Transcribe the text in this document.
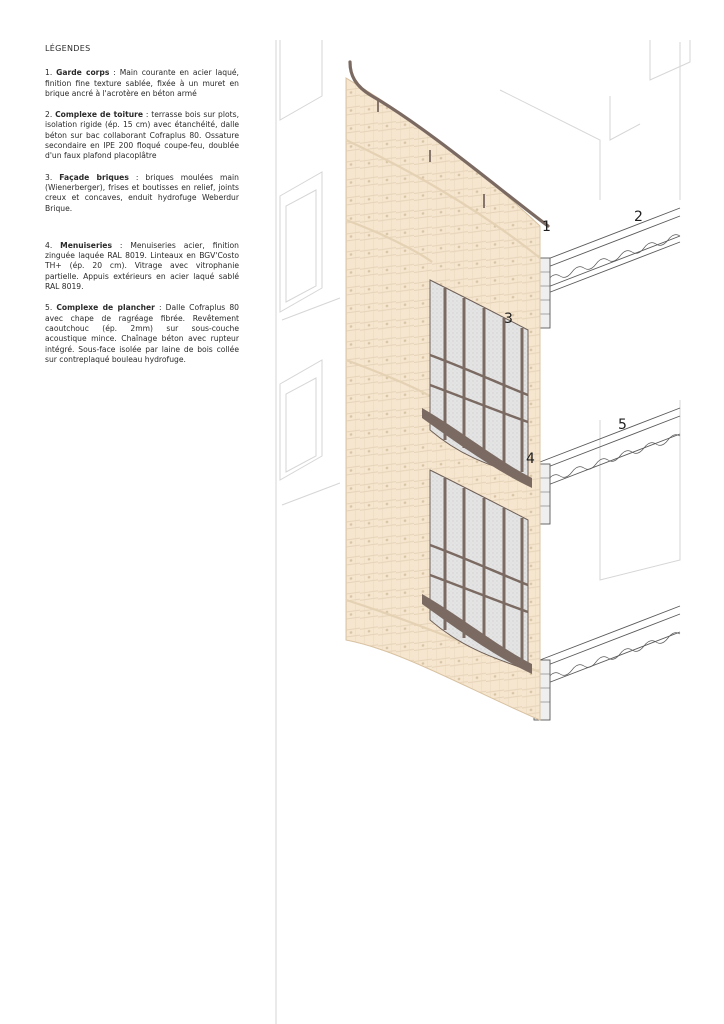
LÉGENDES
1. Garde corps : Main courante en acier laqué, finition fine texture sablée, fixée à un muret en brique ancré à l'acrotère en béton armé
2. Complexe de toiture : terrasse bois sur plots, isolation rigide (ép. 15 cm) avec étanchéité, dalle béton sur bac collaborant Cofraplus 80. Ossature secondaire en IPE 200 floqué coupe-feu, doublée d'un faux plafond placoplâtre
3. Façade briques : briques moulées main (Wienerberger), frises et boutisses en relief, joints creux et concaves, enduit hydrofuge Weberdur Brique.
4. Menuiseries : Menuiseries acier, finition zinguée laquée RAL 8019. Linteaux en BGV'Costo TH+ (ép. 20 cm). Vitrage avec vitrophanie partielle. Appuis extérieurs en acier laqué sablé RAL 8019.
5. Complexe de plancher : Dalle Cofraplus 80 avec chape de ragréage fibrée. Revêtement caoutchouc (ép. 2mm) sur sous-couche acoustique mince. Chaînage béton avec rupteur intégré. Sous-face isolée par laine de bois collée sur contreplaqué bouleau hydrofuge.
1
2
3
4
5
